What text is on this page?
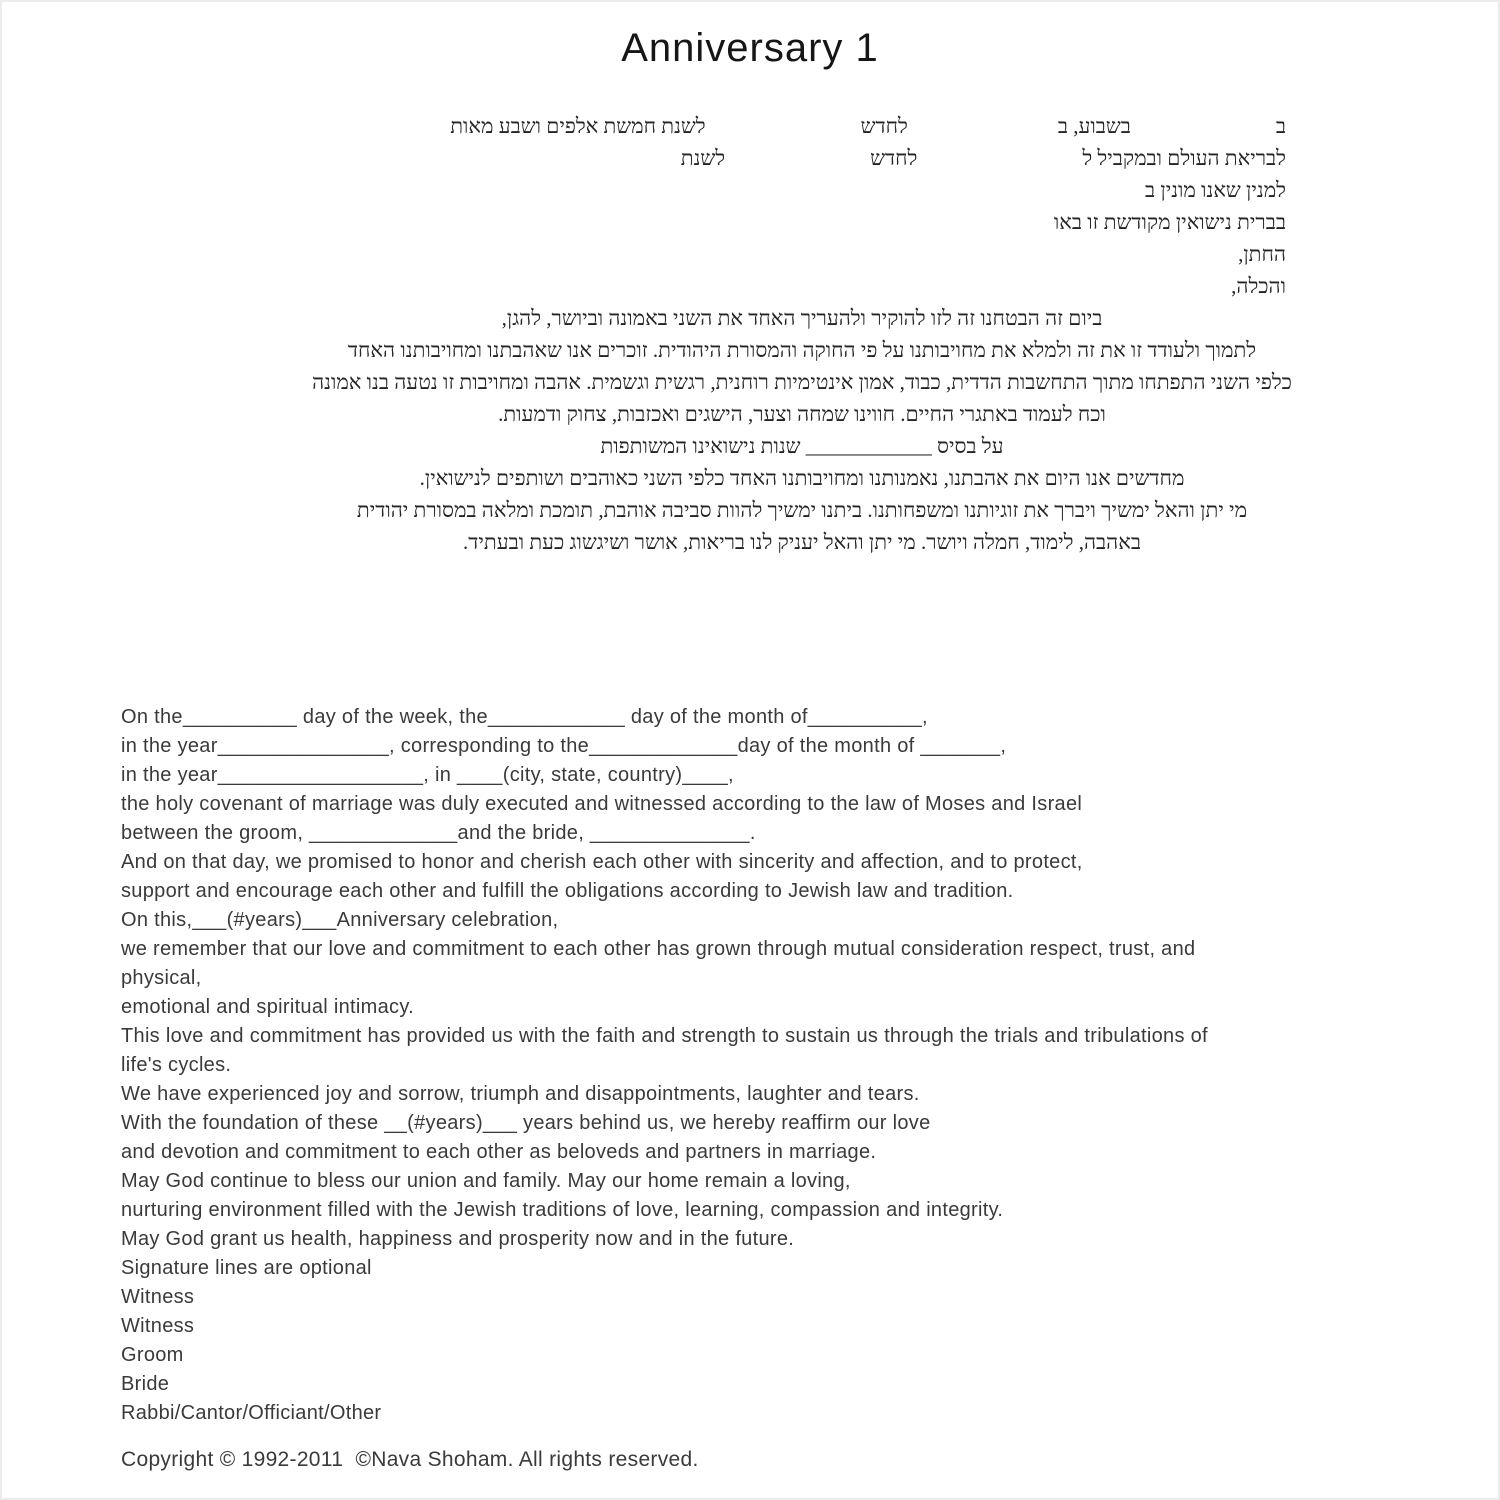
Anniversary 1
בבשבוע, בלחדשלשנת חמשת אלפים ושבע מאות
לבריאת העולם ובמקביל ללחדשלשנת
למנין שאנו מונין ב
בברית נישואין מקודשת זו באו
החתן,
והכלה,
ביום זה הבטחנו זה לזו להוקיר ולהעריך האחד את השני באמונה וביושר, להגן,
לתמוך ולעודד זו את זה ולמלא את מחויבותנו על פי החוקה והמסורת היהודית. זוכרים אנו שאהבתנו ומחויבותנו האחד
כלפי השני התפתחו מתוך התחשבות הדדית, כבוד, אמון אינטימיות רוחנית, רגשית וגשמית. אהבה ומחויבות זו נטעה בנו אמונה
וכח לעמוד באתגרי החיים. חווינו שמחה וצער, הישגים ואכזבות, צחוק ודמעות.
על בסיס ____________ שנות נישואינו המשותפות
מחדשים אנו היום את אהבתנו, נאמנותנו ומחויבותנו האחד כלפי השני כאוהבים ושותפים לנישואין.
מי יתן והאל ימשיך ויברך את זוגיותנו ומשפחותנו. ביתנו ימשיך להוות סביבה אוהבת, תומכת ומלאה במסורת יהודית
באהבה, לימוד, חמלה ויושר. מי יתן והאל יעניק לנו בריאות, אושר ושיגשוג כעת ובעתיד.
On the__________ day of the week, the____________ day of the month of__________,
in the year_______________, corresponding to the_____________day of the month of _______,
in the year__________________, in ____(city, state, country)____,
the holy covenant of marriage was duly executed and witnessed according to the law of Moses and Israel
between the groom, _____________and the bride, ______________.
And on that day, we promised to honor and cherish each other with sincerity and affection, and to protect,
support and encourage each other and fulfill the obligations according to Jewish law and tradition.
On this,___(#years)___Anniversary celebration,
we remember that our love and commitment to each other has grown through mutual consideration respect, trust, and
physical,
emotional and spiritual intimacy.
This love and commitment has provided us with the faith and strength to sustain us through the trials and tribulations of
life's cycles.
We have experienced joy and sorrow, triumph and disappointments, laughter and tears.
With the foundation of these __(#years)___ years behind us, we hereby reaffirm our love
and devotion and commitment to each other as beloveds and partners in marriage.
May God continue to bless our union and family. May our home remain a loving,
nurturing environment filled with the Jewish traditions of love, learning, compassion and integrity.
May God grant us health, happiness and prosperity now and in the future.
Signature lines are optional
Witness
Witness
Groom
Bride
Rabbi/Cantor/Officiant/Other
Copyright © 1992-2011  ©Nava Shoham. All rights reserved.
